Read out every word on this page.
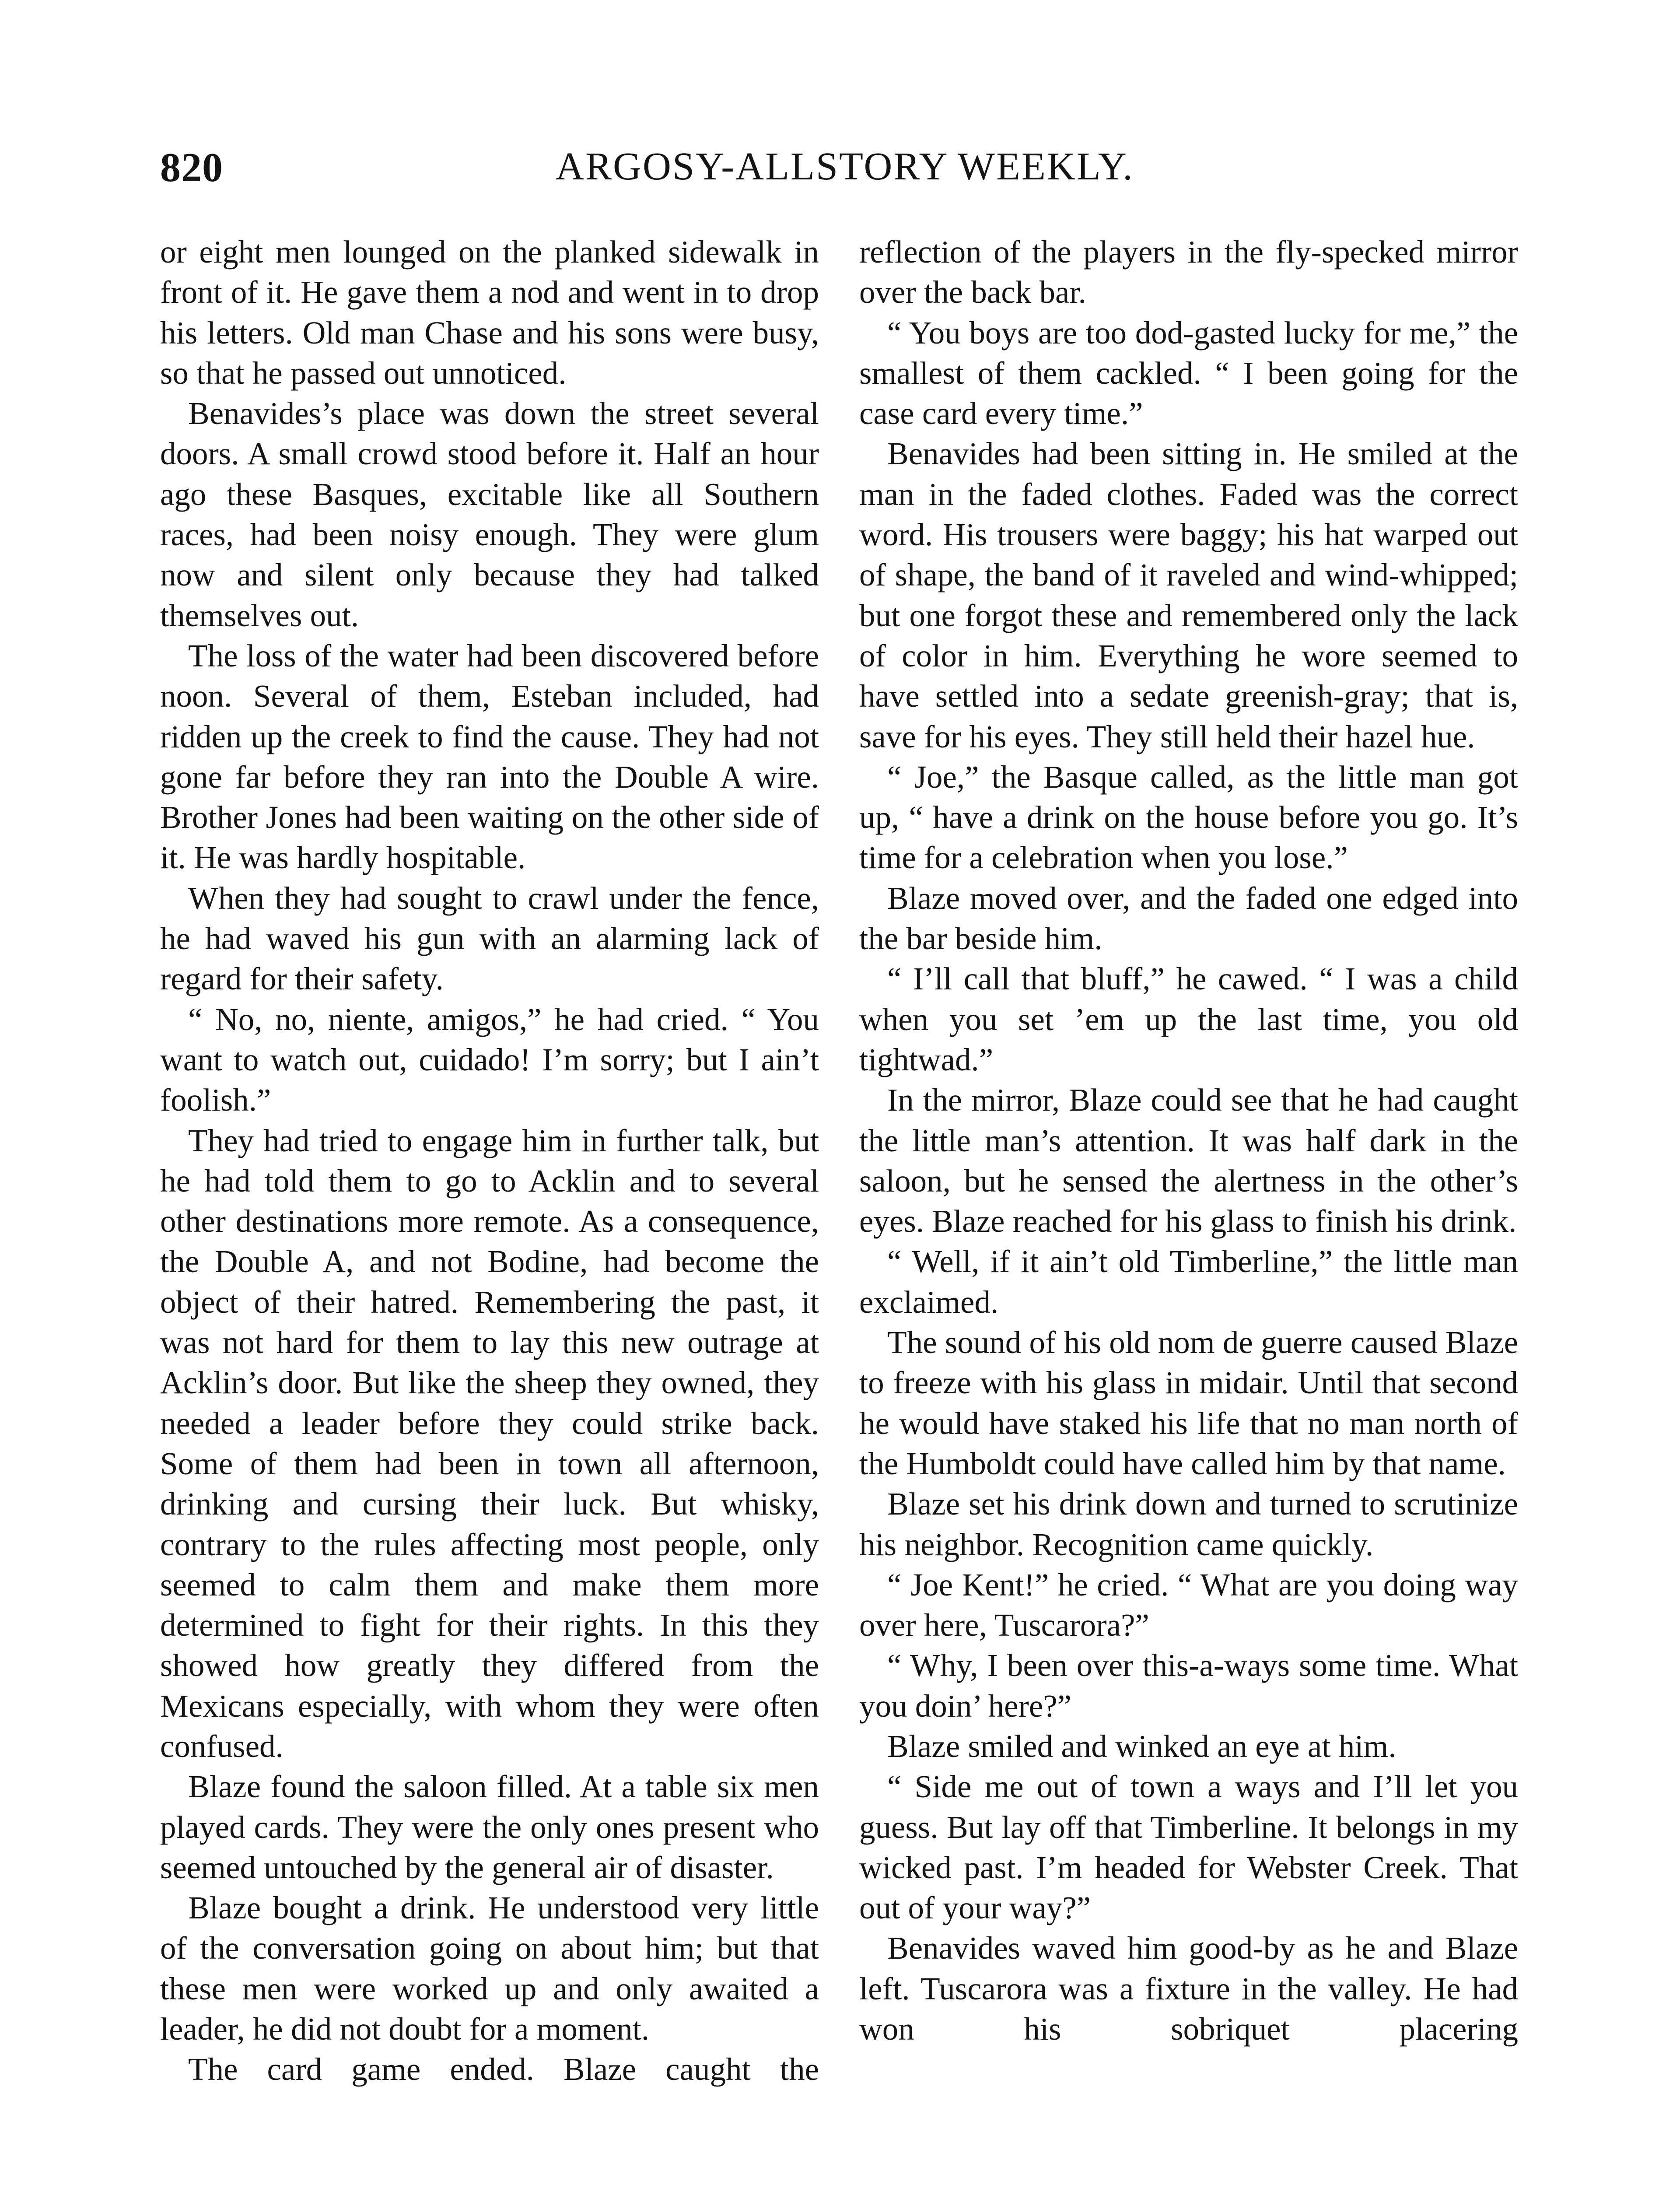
820	ARGOSY-ALLSTORY WEEKLY.

or eight men lounged on the planked sidewalk in front of it. He gave them a nod and went in to drop his letters. Old man Chase and his sons were busy, so that he passed out unnoticed.

Benavides’s place was down the street several doors. A small crowd stood before it. Half an hour ago these Basques, excitable like all Southern races, had been noisy enough. They were glum now and silent only because they had talked themselves out.

The loss of the water had been discovered before noon. Several of them, Esteban included, had ridden up the creek to find the cause. They had not gone far before they ran into the Double A wire. Brother Jones had been waiting on the other side of it. He was hardly hospitable.

When they had sought to crawl under the fence, he had waved his gun with an alarming lack of regard for their safety.

“ No, no, niente, amigos,” he had cried. “ You want to watch out, cuidado! I’m sorry; but I ain’t foolish.”

They had tried to engage him in further talk, but he had told them to go to Acklin and to several other destinations more remote. As a consequence, the Double A, and not Bodine, had become the object of their hatred. Remembering the past, it was not hard for them to lay this new outrage at Acklin’s door. But like the sheep they owned, they needed a leader before they could strike back. Some of them had been in town all afternoon, drinking and cursing their luck. But whisky, contrary to the rules affecting most people, only seemed to calm them and make them more determined to fight for their rights. In this they showed how greatly they differed from the Mexicans especially, with whom they were often confused.

Blaze found the saloon filled. At a table six men played cards. They were the only ones present who seemed untouched by the general air of disaster.

Blaze bought a drink. He understood very little of the conversation going on about him; but that these men were worked up and only awaited a leader, he did not doubt for a moment.

The card game ended. Blaze caught the

reflection of the players in the fly-specked mirror over the back bar.

“ You boys are too dod-gasted lucky for me,” the smallest of them cackled. “ I been going for the case card every time.”

Benavides had been sitting in. He smiled at the man in the faded clothes. Faded was the correct word. His trousers were baggy; his hat warped out of shape, the band of it raveled and wind-whipped; but one forgot these and remembered only the lack of color in him. Everything he wore seemed to have settled into a sedate greenish-gray; that is, save for his eyes. They still held their hazel hue.

“ Joe,” the Basque called, as the little man got up, “ have a drink on the house before you go. It’s time for a celebration when you lose.”

Blaze moved over, and the faded one edged into the bar beside him.

“ I’ll call that bluff,” he cawed. “ I was a child when you set ’em up the last time, you old tightwad.”

In the mirror, Blaze could see that he had caught the little man’s attention. It was half dark in the saloon, but he sensed the alertness in the other’s eyes. Blaze reached for his glass to finish his drink.

“ Well, if it ain’t old Timberline,” the little man exclaimed.

The sound of his old nom de guerre caused Blaze to freeze with his glass in midair. Until that second he would have staked his life that no man north of the Humboldt could have called him by that name.

Blaze set his drink down and turned to scrutinize his neighbor. Recognition came quickly.

“ Joe Kent!” he cried. “ What are you doing way over here, Tuscarora?”

“ Why, I been over this-a-ways some time. What you doin’ here?”

Blaze smiled and winked an eye at him.

“ Side me out of town a ways and I’ll let you guess. But lay off that Timberline. It belongs in my wicked past. I’m headed for Webster Creek. That out of your way?”

Benavides waved him good-by as he and Blaze left. Tuscarora was a fixture in the valley. He had won his sobriquet placering
